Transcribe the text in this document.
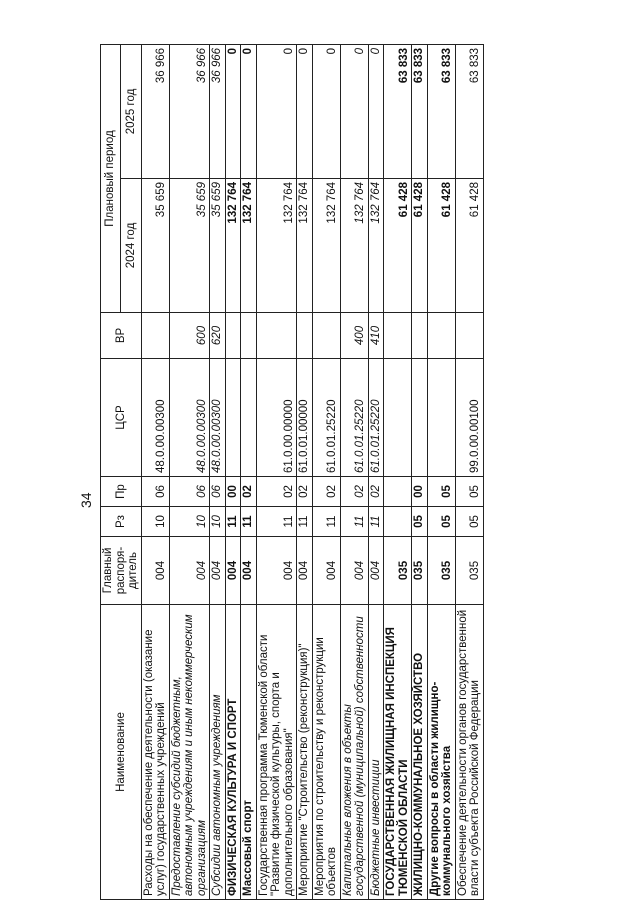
34
Наименование	Главный распоря-дитель	Рз	Пр	ЦСР	ВР	Плановый период	
						2024 год	2025 год
Расходы на обеспечение деятельности (оказание услуг) государственных учреждений	004	10	06	48.0.00.00300		35 659	36 966
Предоставление субсидий бюджетным, автономным учреждениям и иным некоммерческим организациям	004	10	06	48.0.00.00300	600	35 659	36 966
Субсидии автономным учреждениям	004	10	06	48.0.00.00300	620	35 659	36 966
ФИЗИЧЕСКАЯ КУЛЬТУРА И СПОРТ	004	11	00			132 764	0
Массовый спорт	004	11	02			132 764	0
Государственная программа Тюменской области "Развитие физической культуры, спорта и дополнительного образования"	004	11	02	61.0.00.00000		132 764	0
Мероприятие "Строительство (реконструкция)"	004	11	02	61.0.01.00000		132 764	0
Мероприятия по строительству и реконструкции объектов	004	11	02	61.0.01.25220		132 764	0
Капитальные вложения в объекты государственной (муниципальной) собственности	004	11	02	61.0.01.25220	400	132 764	0
Бюджетные инвестиции	004	11	02	61.0.01.25220	410	132 764	0
ГОСУДАРСТВЕННАЯ ЖИЛИЩНАЯ ИНСПЕКЦИЯ ТЮМЕНСКОЙ ОБЛАСТИ	035					61 428	63 833
ЖИЛИЩНО-КОММУНАЛЬНОЕ ХОЗЯЙСТВО	035	05	00			61 428	63 833
Другие вопросы в области жилищно-коммунального хозяйства	035	05	05			61 428	63 833
Обеспечение деятельности органов государственной власти субъекта Российской Федерации	035	05	05	99.0.00.00100		61 428	63 833
